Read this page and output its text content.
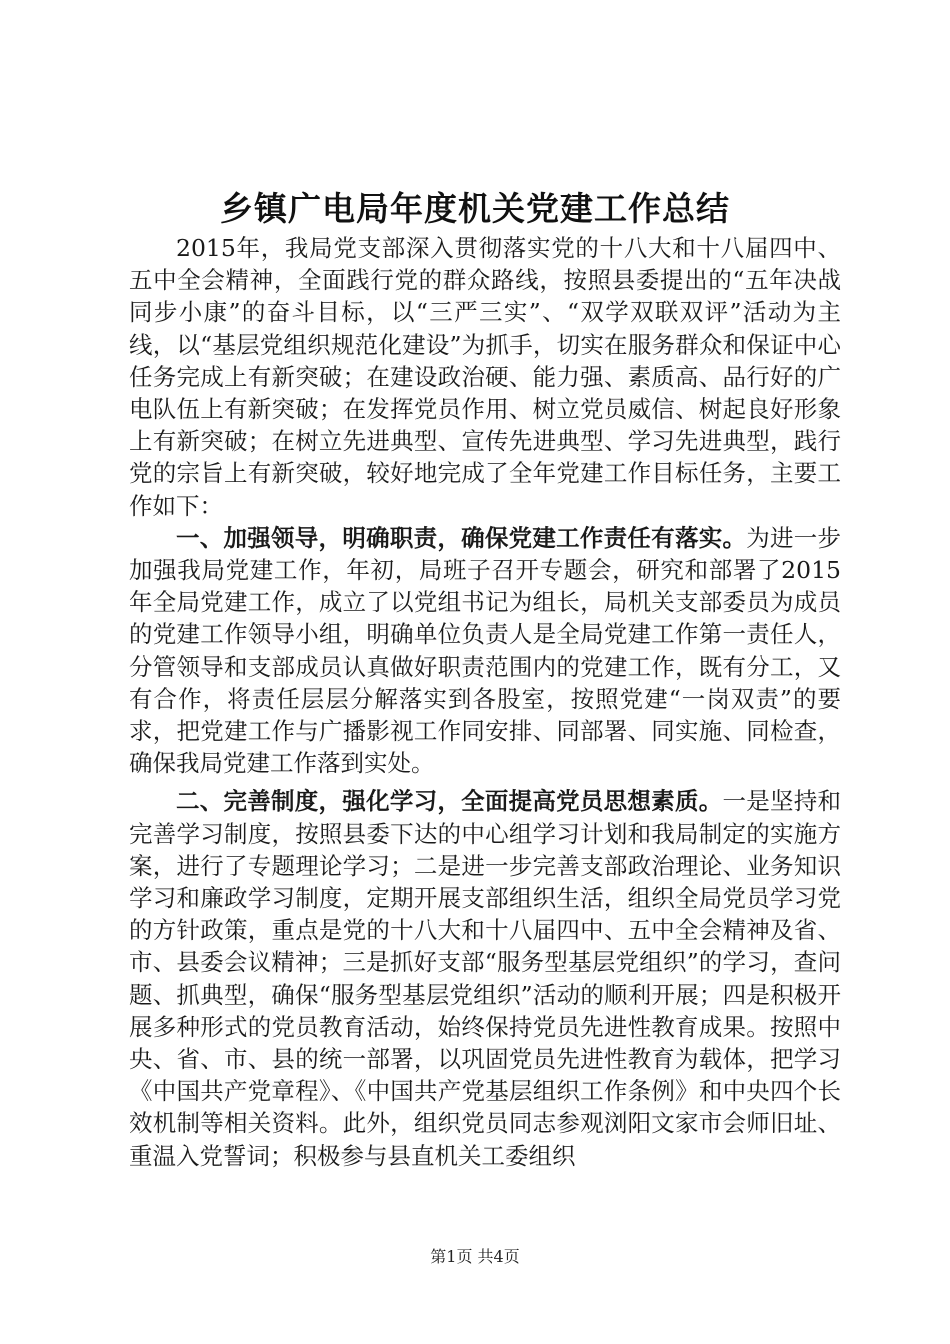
乡镇广电局年度机关党建工作总结

2015年，我局党支部深入贯彻落实党的十八大和十八届四中、五中全会精神，全面践行党的群众路线，按照县委提出的“五年决战同步小康”的奋斗目标，以“三严三实”、“双学双联双评”活动为主线，以“基层党组织规范化建设”为抓手，切实在服务群众和保证中心任务完成上有新突破；在建设政治硬、能力强、素质高、品行好的广电队伍上有新突破；在发挥党员作用、树立党员威信、树起良好形象上有新突破；在树立先进典型、宣传先进典型、学习先进典型，践行党的宗旨上有新突破，较好地完成了全年党建工作目标任务，主要工作如下：

一、加强领导，明确职责，确保党建工作责任有落实。为进一步加强我局党建工作，年初，局班子召开专题会，研究和部署了2015年全局党建工作，成立了以党组书记为组长，局机关支部委员为成员的党建工作领导小组，明确单位负责人是全局党建工作第一责任人，分管领导和支部成员认真做好职责范围内的党建工作，既有分工，又有合作，将责任层层分解落实到各股室，按照党建“一岗双责”的要求，把党建工作与广播影视工作同安排、同部署、同实施、同检查，确保我局党建工作落到实处。

二、完善制度，强化学习，全面提高党员思想素质。一是坚持和完善学习制度，按照县委下达的中心组学习计划和我局制定的实施方案，进行了专题理论学习；二是进一步完善支部政治理论、业务知识学习和廉政学习制度，定期开展支部组织生活，组织全局党员学习党的方针政策，重点是党的十八大和十八届四中、五中全会精神及省、市、县委会议精神；三是抓好支部“服务型基层党组织”的学习，查问题、抓典型，确保“服务型基层党组织”活动的顺利开展；四是积极开展多种形式的党员教育活动，始终保持党员先进性教育成果。按照中央、省、市、县的统一部署，以巩固党员先进性教育为载体，把学习《中国共产党章程》、《中国共产党基层组织工作条例》和中央四个长效机制等相关资料。此外，组织党员同志参观浏阳文家市会师旧址、重温入党誓词；积极参与县直机关工委组织

第1页 共4页
